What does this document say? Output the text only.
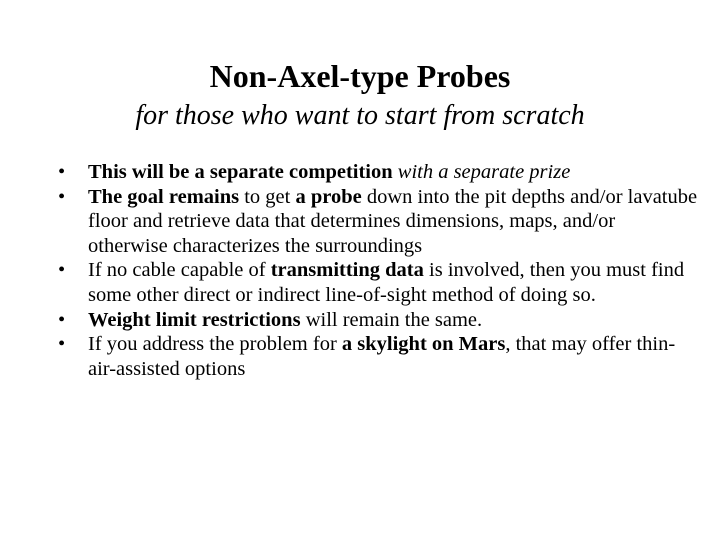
Non-Axel-type Probes
for those who want to start from scratch
•	This will be a separate competition with a separate prize
•	The goal remains to get a probe down into the pit depths and/or lavatube floor and retrieve data that determines dimensions, maps, and/or otherwise characterizes the surroundings
•	If no cable capable of transmitting data is involved, then you must find some other direct or indirect line-of-sight method of doing so.
•	Weight limit restrictions will remain the same.
•	If you address the problem for a skylight on Mars, that may offer thin-air-assisted options
